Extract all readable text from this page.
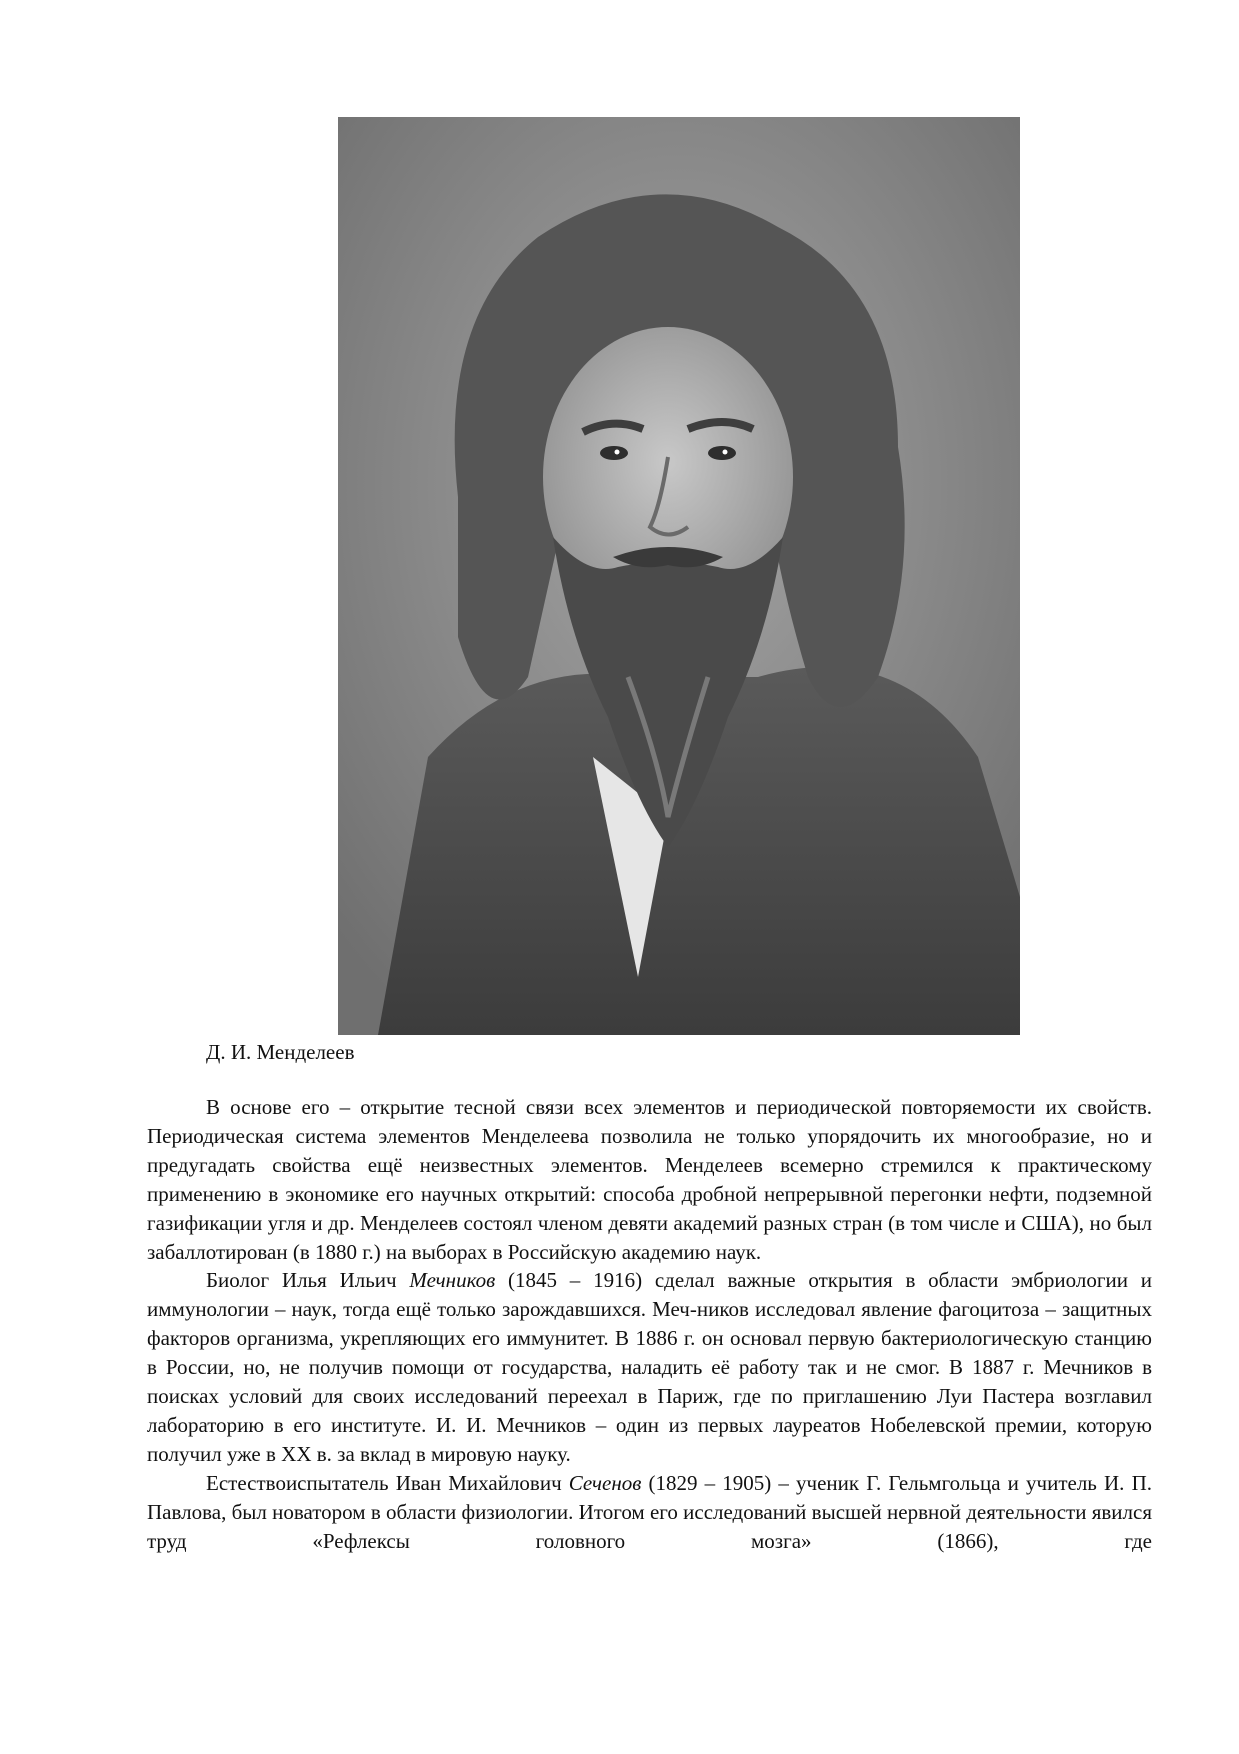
Д. И. Менделеев

В основе его – открытие тесной связи всех элементов и периодической повторяемости их свойств. Периодическая система элементов Менделеева позволила не только упорядочить их многообразие, но и предугадать свойства ещё неизвестных элементов. Менделеев всемерно стремился к практическому применению в экономике его научных открытий: способа дробной непрерывной перегонки нефти, подземной газификации угля и др. Менделеев состоял членом девяти академий разных стран (в том числе и США), но был забаллотирован (в 1880 г.) на выборах в Российскую академию наук.

Биолог Илья Ильич Мечников (1845 – 1916) сделал важные открытия в области эмбриологии и иммунологии – наук, тогда ещё только зарождавшихся. Меч-ников исследовал явление фагоцитоза – защитных факторов организма, укрепляющих его иммунитет. В 1886 г. он основал первую бактериологическую станцию в России, но, не получив помощи от государства, наладить её работу так и не смог. В 1887 г. Мечников в поисках условий для своих исследований переехал в Париж, где по приглашению Луи Пастера возглавил лабораторию в его институте. И. И. Мечников – один из первых лауреатов Нобелевской премии, которую получил уже в XX в. за вклад в мировую науку.

Естествоиспытатель Иван Михайлович Сеченов (1829 – 1905) – ученик Г. Гельмгольца и учитель И. П. Павлова, был новатором в области физиологии. Итогом его исследований высшей нервной деятельности явился труд «Рефлексы головного мозга» (1866), где
